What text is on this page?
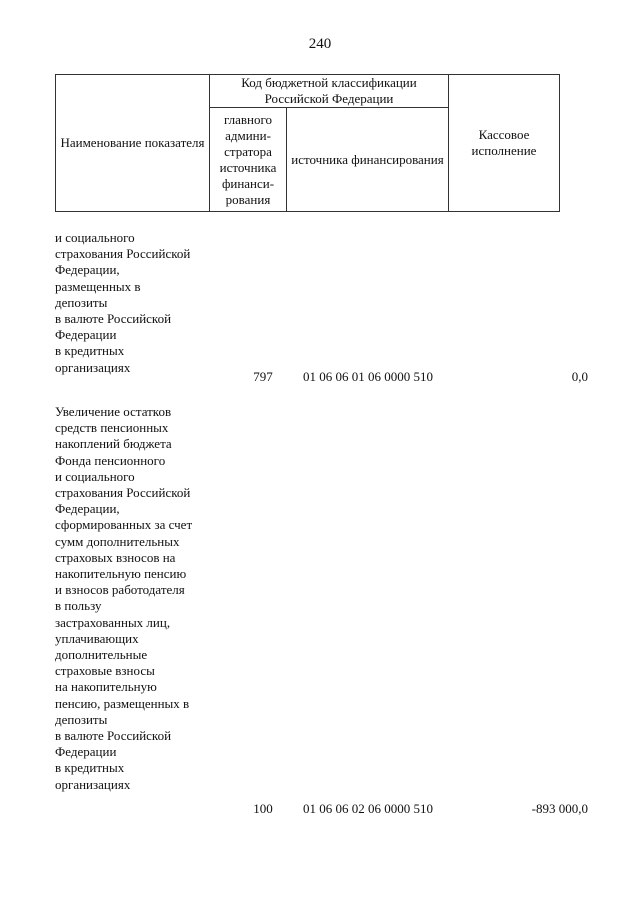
240
Наименование показателя	Код бюджетной классификации Российской Федерации		Кассовое исполнение
	главного админи-стратора источника финанси-рования	источника финансирования	
и социального
страхования Российской
Федерации,
размещенных в
депозиты
в валюте Российской
Федерации
в кредитных
организациях
797	01 06 06 01 06 0000 510	0,0
Увеличение остатков
средств пенсионных
накоплений бюджета
Фонда пенсионного
и социального
страхования Российской
Федерации,
сформированных за счет
сумм дополнительных
страховых взносов на
накопительную пенсию
и взносов работодателя
в пользу
застрахованных лиц,
уплачивающих
дополнительные
страховые взносы
на накопительную
пенсию, размещенных в
депозиты
в валюте Российской
Федерации
в кредитных
организациях
100	01 06 06 02 06 0000 510	-893 000,0
